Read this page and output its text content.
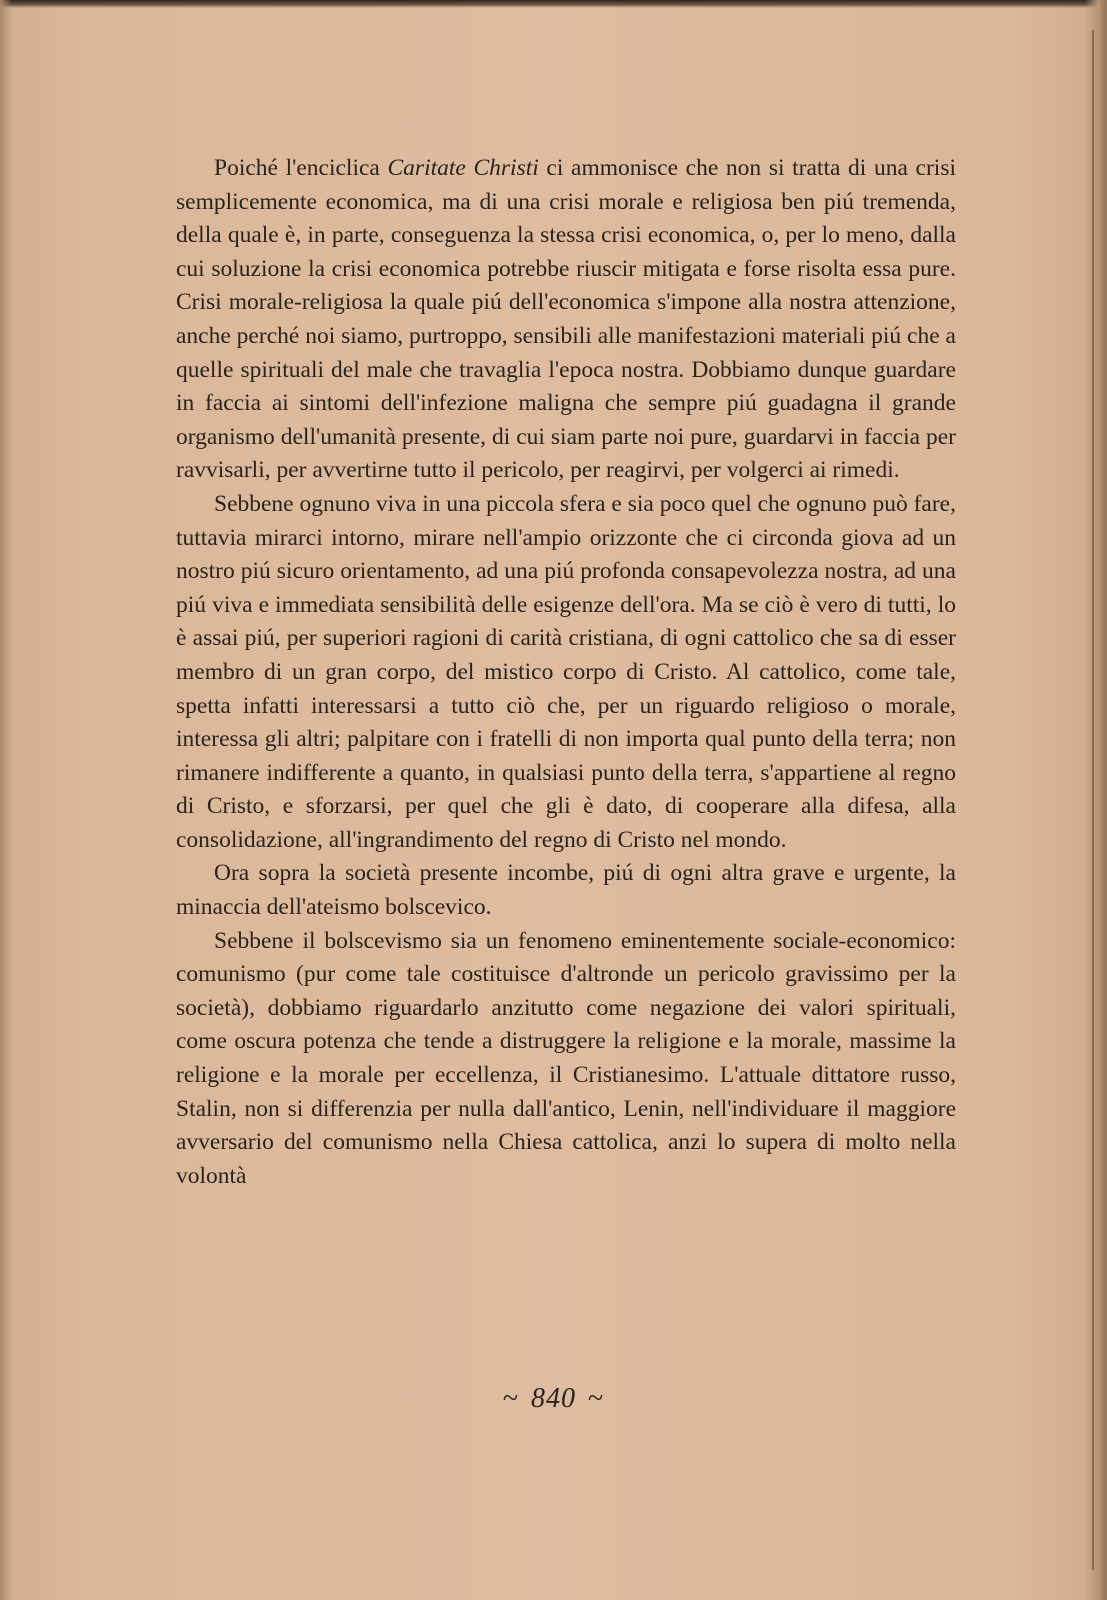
Poiché l'enciclica Caritate Christi ci ammonisce che non si tratta di una crisi semplicemente economica, ma di una crisi morale e religiosa ben piú tremenda, della quale è, in parte, conseguenza la stessa crisi economica, o, per lo meno, dalla cui soluzione la crisi economica potrebbe riuscir mitigata e forse risolta essa pure. Crisi morale-religiosa la quale piú dell'economica s'impone alla nostra attenzione, anche perché noi siamo, purtroppo, sensibili alle manifestazioni materiali piú che a quelle spirituali del male che travaglia l'epoca nostra. Dobbiamo dunque guardare in faccia ai sintomi dell'infezione maligna che sempre piú guadagna il grande organismo dell'umanità presente, di cui siam parte noi pure, guardarvi in faccia per ravvisarli, per avvertirne tutto il pericolo, per reagirvi, per volgerci ai rimedi.

Sebbene ognuno viva in una piccola sfera e sia poco quel che ognuno può fare, tuttavia mirarci intorno, mirare nell'ampio orizzonte che ci circonda giova ad un nostro piú sicuro orientamento, ad una piú profonda consapevolezza nostra, ad una piú viva e immediata sensibilità delle esigenze dell'ora. Ma se ciò è vero di tutti, lo è assai piú, per superiori ragioni di carità cristiana, di ogni cattolico che sa di esser membro di un gran corpo, del mistico corpo di Cristo. Al cattolico, come tale, spetta infatti interessarsi a tutto ciò che, per un riguardo religioso o morale, interessa gli altri; palpitare con i fratelli di non importa qual punto della terra; non rimanere indifferente a quanto, in qualsiasi punto della terra, s'appartiene al regno di Cristo, e sforzarsi, per quel che gli è dato, di cooperare alla difesa, alla consolidazione, all'ingrandimento del regno di Cristo nel mondo.

Ora sopra la società presente incombe, piú di ogni altra grave e urgente, la minaccia dell'ateismo bolscevico.

Sebbene il bolscevismo sia un fenomeno eminentemente sociale-economico: comunismo (pur come tale costituisce d'altronde un pericolo gravissimo per la società), dobbiamo riguardarlo anzitutto come negazione dei valori spirituali, come oscura potenza che tende a distruggere la religione e la morale, massime la religione e la morale per eccellenza, il Cristianesimo. L'attuale dittatore russo, Stalin, non si differenzia per nulla dall'antico, Lenin, nell'individuare il maggiore avversario del comunismo nella Chiesa cattolica, anzi lo supera di molto nella volontà

~ 840 ~
